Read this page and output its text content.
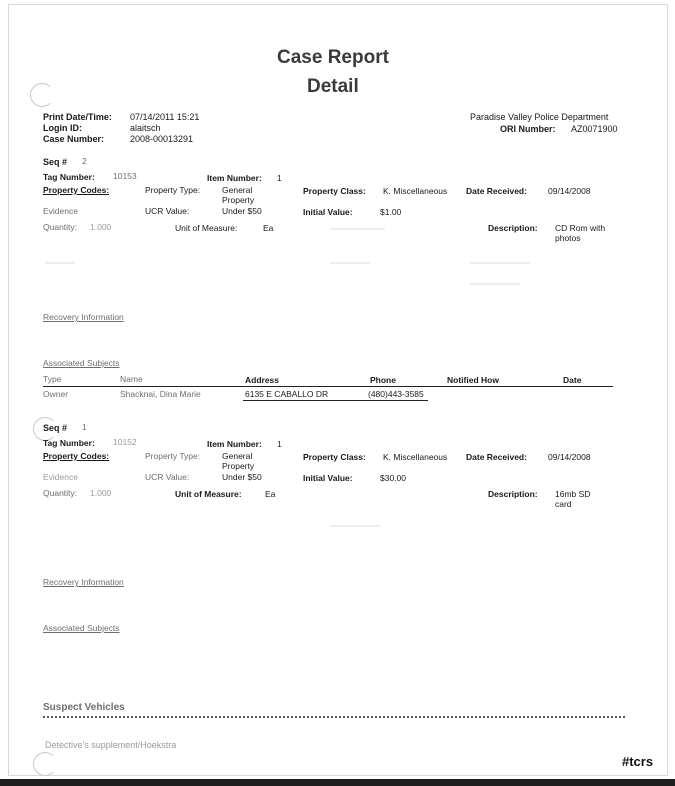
Case Report
Detail
Print Date/Time: 07/14/2011 15:21
Login ID:	alaitsch
Case Number:	2008-00013291
Paradise Valley Police Department
ORI Number: AZ0071900
Seq # 2
Tag Number: 10153	Item Number: 1
Property Codes:	Property Type:	General
Property
Property Class: K. Miscellaneous Date Received: 09/14/2008
Evidence	UCR Value:	Under $50	Initial Value:	$1.00
Quantity: 1.000	Unit of Measure:	Ea	Description: CD Rom with
photos
Recovery Information
Associated Subjects
Type	Name	Address	Phone	Notified How	Date
Owner	Shacknai, Dina Marie	6135 E CABALLO DR	(480)443-3585
Seq # 1
Tag Number: 10152	Item Number: 1
Property Codes:	Property Type:	General
Property
Property Class: K. Miscellaneous Date Received: 09/14/2008
Evidence	UCR Value:	Under $50	Initial Value:	$30.00
Quantity: 1.000	Unit of Measure:	Ea	Description: 16mb SD
card
Recovery Information
Associated Subjects
Suspect Vehicles
Detective's supplement/Hoekstra
#tcrs
